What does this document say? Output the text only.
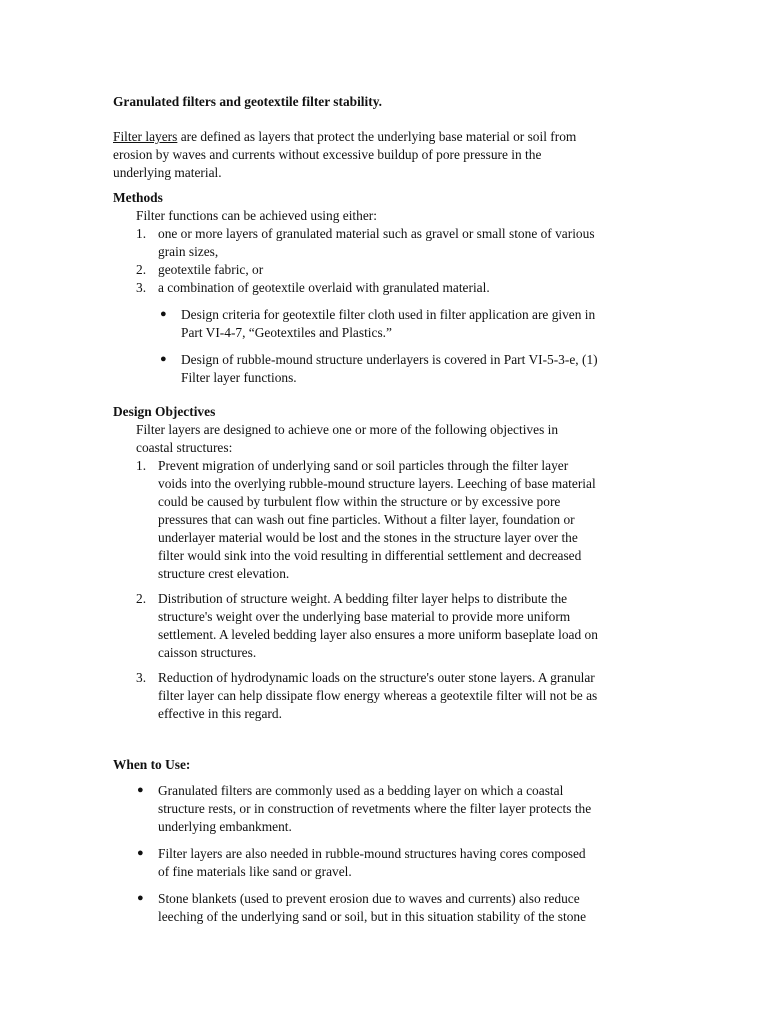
Granulated filters and geotextile filter stability.
Filter layers are defined as layers that protect the underlying base material or soil from
erosion by waves and currents without excessive buildup of pore pressure in the
underlying material.
Methods
Filter functions can be achieved using either:
1. one or more layers of granulated material such as gravel or small stone of various
grain sizes,
2. geotextile fabric, or
3. a combination of geotextile overlaid with granulated material.
● Design criteria for geotextile filter cloth used in filter application are given in
Part VI-4-7, “Geotextiles and Plastics.”
● Design of rubble-mound structure underlayers is covered in Part VI-5-3-e, (1)
Filter layer functions.
Design Objectives
Filter layers are designed to achieve one or more of the following objectives in
coastal structures:
1. Prevent migration of underlying sand or soil particles through the filter layer
voids into the overlying rubble-mound structure layers. Leeching of base material
could be caused by turbulent flow within the structure or by excessive pore
pressures that can wash out fine particles. Without a filter layer, foundation or
underlayer material would be lost and the stones in the structure layer over the
filter would sink into the void resulting in differential settlement and decreased
structure crest elevation.
2. Distribution of structure weight. A bedding filter layer helps to distribute the
structure's weight over the underlying base material to provide more uniform
settlement. A leveled bedding layer also ensures a more uniform baseplate load on
caisson structures.
3. Reduction of hydrodynamic loads on the structure's outer stone layers. A granular
filter layer can help dissipate flow energy whereas a geotextile filter will not be as
effective in this regard.
When to Use:
● Granulated filters are commonly used as a bedding layer on which a coastal
structure rests, or in construction of revetments where the filter layer protects the
underlying embankment.
● Filter layers are also needed in rubble-mound structures having cores composed
of fine materials like sand or gravel.
● Stone blankets (used to prevent erosion due to waves and currents) also reduce
leeching of the underlying sand or soil, but in this situation stability of the stone
